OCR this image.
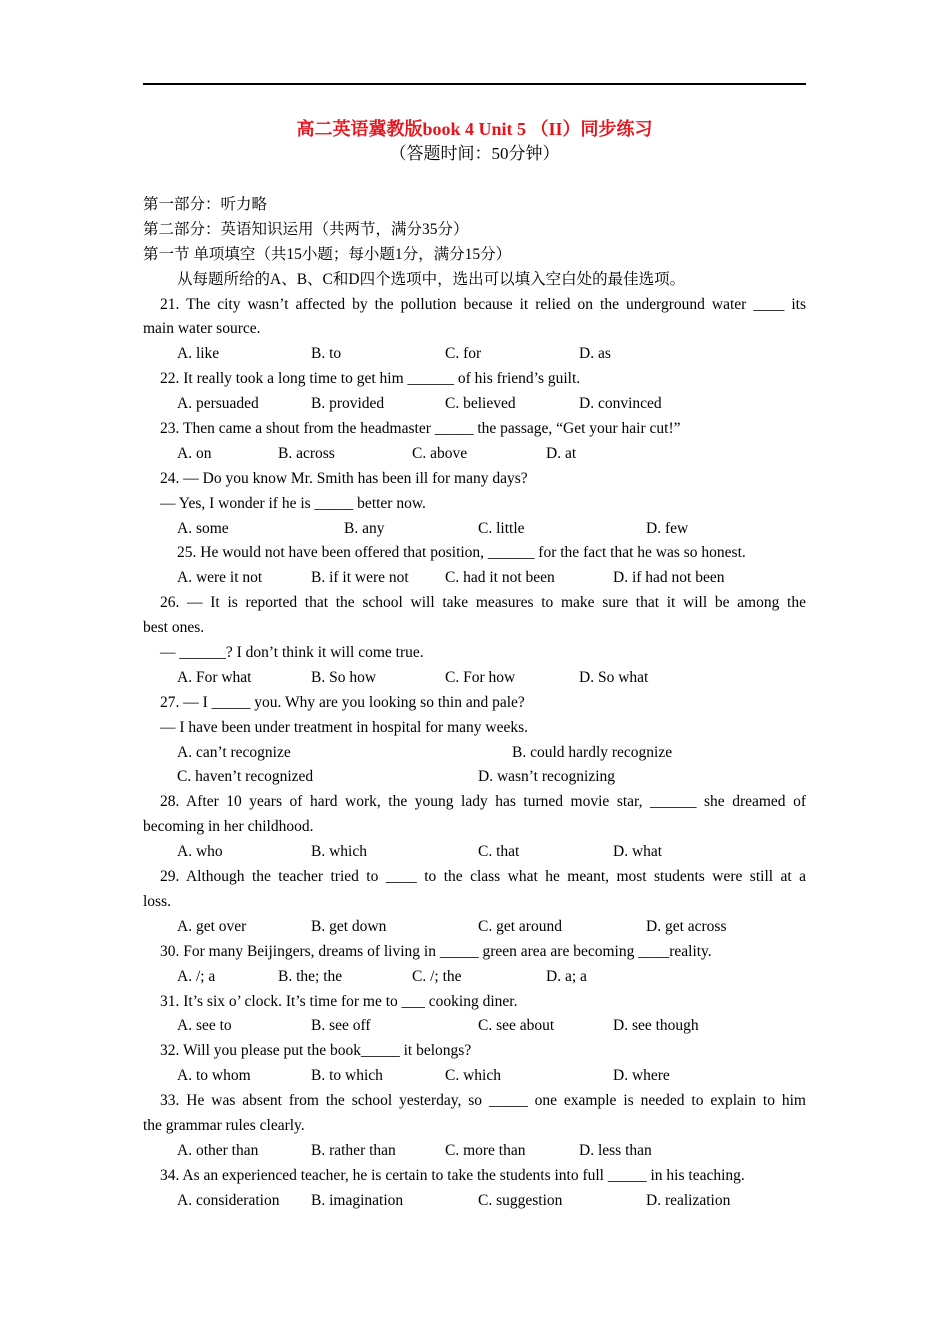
高二英语冀教版book 4 Unit 5 （II）同步练习
（答题时间：50分钟）
第一部分：听力略
第二部分：英语知识运用（共两节，满分35分）
第一节 单项填空（共15小题；每小题1分，满分15分）
从每题所给的A、B、C和D四个选项中，选出可以填入空白处的最佳选项。
21. The city wasn’t affected by the pollution because it relied on the underground water ____ its
main water source.
A. like	B. to	C. for	D. as
22. It really took a long time to get him ______ of his friend’s guilt.
A. persuaded	B. provided	C. believed	D. convinced
23. Then came a shout from the headmaster _____ the passage, “Get your hair cut!”
A. on	B. across	C. above	D. at
24. — Do you know Mr. Smith has been ill for many days?
— Yes, I wonder if he is _____ better now.
A. some	B. any	C. little	D. few
25. He would not have been offered that position, ______ for the fact that he was so honest.
A. were it not	B. if it were not C. had it not been	D. if had not been
26. — It is reported that the school will take measures to make sure that it will be among the
best ones.
— ______? I don’t think it will come true.
A. For what	B. So how	C. For how	D. So what
27. — I _____ you. Why are you looking so thin and pale?
— I have been under treatment in hospital for many weeks.
A. can’t recognize	B. could hardly recognize
C. haven’t recognized	D. wasn’t recognizing
28. After 10 years of hard work, the young lady has turned movie star, ______ she dreamed of
becoming in her childhood.
A. who	B. which	C. that	D. what
29. Although the teacher tried to ____ to the class what he meant, most students were still at a
loss.
A. get over	B. get down	C. get around	D. get across
30. For many Beijingers, dreams of living in _____ green area are becoming ____reality.
A. /; a	B. the; the	C. /; the	D. a; a
31. It’s six o’ clock. It’s time for me to ___ cooking diner.
A. see to	B. see off	C. see about	D. see though
32. Will you please put the book_____ it belongs?
A. to whom	B. to which	C. which	D. where
33. He was absent from the school yesterday, so _____ one example is needed to explain to him
the grammar rules clearly.
A. other than	B. rather than	C. more than	D. less than
34. As an experienced teacher, he is certain to take the students into full _____ in his teaching.
A. consideration B. imagination	C. suggestion	D. realization
